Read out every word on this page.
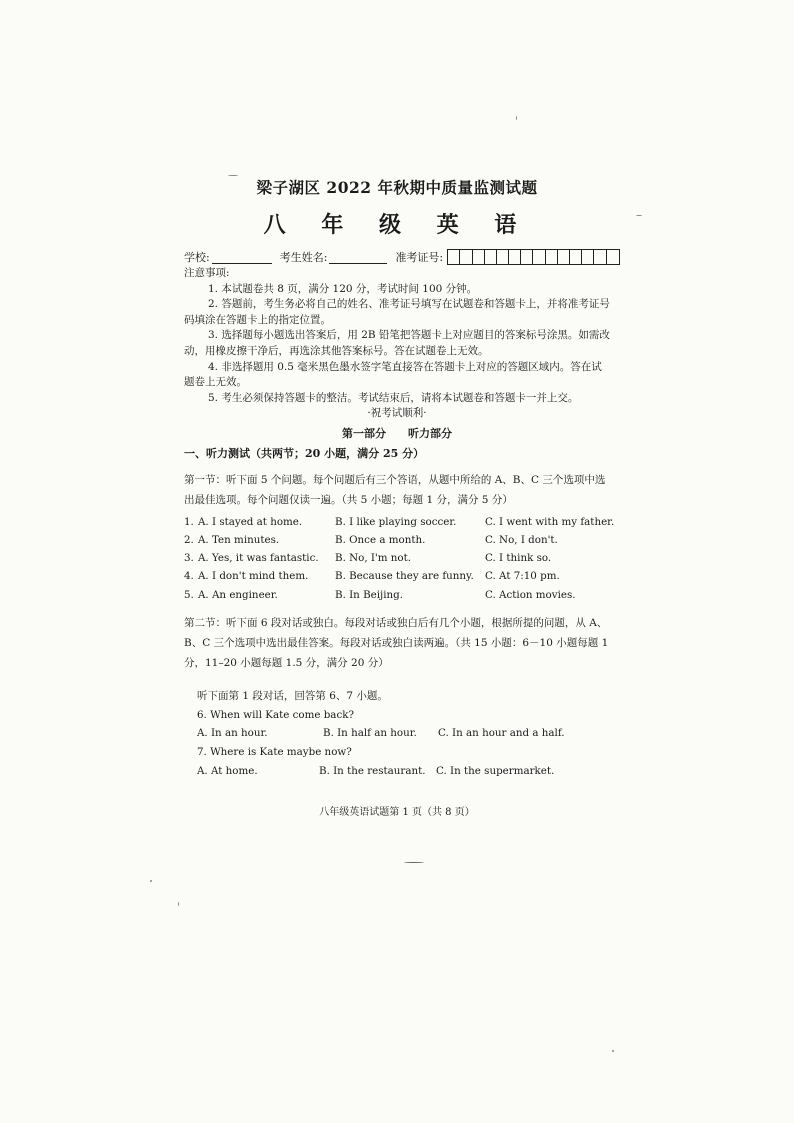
梁子湖区 2022 年秋期中质量监测试题
八 年 级 英 语
学校:	考生姓名:	准考证号:

注意事项:

1. 本试题卷共 8 页，满分 120 分，考试时间 100 分钟。

2. 答题前，考生务必将自己的姓名、准考证号填写在试题卷和答题卡上，并将准考证号码填涂在答题卡上的指定位置。

3. 选择题每小题选出答案后，用 2B 铅笔把答题卡上对应题目的答案标号涂黑。如需改动，用橡皮擦干净后，再选涂其他答案标号。答在试题卷上无效。

4. 非选择题用 0.5 毫米黑色墨水签字笔直接答在答题卡上对应的答题区域内。答在试题卷上无效。

5. 考生必须保持答题卡的整洁。考试结束后，请将本试题卷和答题卡一并上交。

·祝考试顺利·
第一部分　　听力部分
一、听力测试（共两节；20 小题，满分 25 分）
第一节：听下面 5 个问题。每个问题后有三个答语，从题中所给的 A、B、C 三个选项中选出最佳选项。每个问题仅读一遍。（共 5 小题；每题 1 分，满分 5 分）
1. A. I stayed at home.	B. I like playing soccer.	C. I went with my father.
2. A. Ten minutes.	B. Once a month.	C. No, I don't.
3. A. Yes, it was fantastic. B. No, I'm not.	C. I think so.
4. A. I don't mind them.	B. Because they are funny. C. At 7:10 pm.
5. A. An engineer.	B. In Beijing.	C. Action movies.
第二节：听下面 6 段对话或独白。每段对话或独白后有几个小题，根据所提的问题，从 A、B、C 三个选项中选出最佳答案。每段对话或独白读两遍。（共 15 小题：6－10 小题每题 1 分，11–20 小题每题 1.5 分，满分 20 分）
听下面第 1 段对话，回答第 6、7 小题。
6. When will Kate come back?
A. In an hour.	B. In half an hour. C. In an hour and a half.
7. Where is Kate maybe now?
A. At home.	B. In the restaurant. C. In the supermarket.
八年级英语试题第 1 页（共 8 页）
